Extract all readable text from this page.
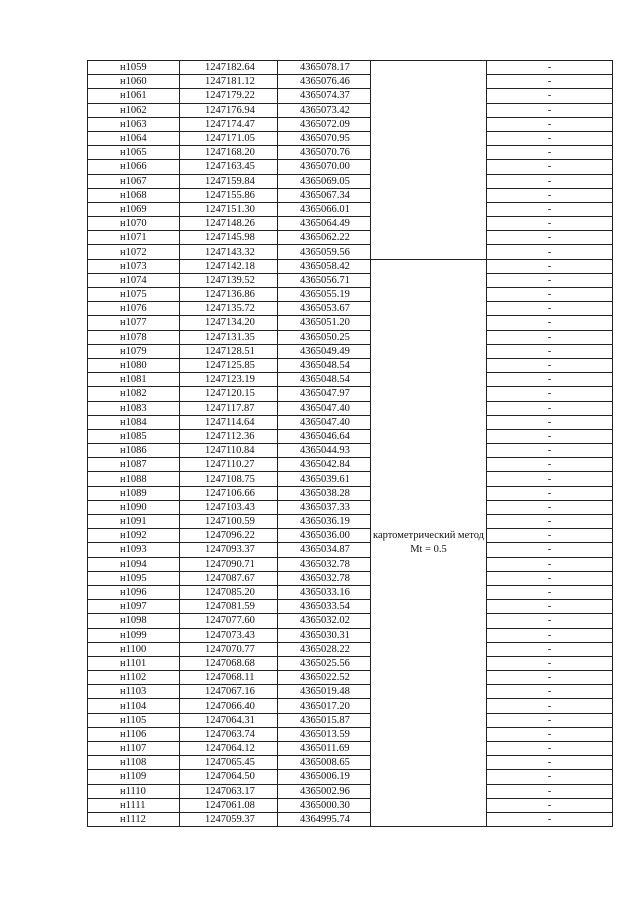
н1059	1247182.64	4365078.17		-
н1060	1247181.12	4365076.46		-
н1061	1247179.22	4365074.37		-
н1062	1247176.94	4365073.42		-
н1063	1247174.47	4365072.09		-
н1064	1247171.05	4365070.95		-
н1065	1247168.20	4365070.76		-
н1066	1247163.45	4365070.00		-
н1067	1247159.84	4365069.05		-
н1068	1247155.86	4365067.34		-
н1069	1247151.30	4365066.01		-
н1070	1247148.26	4365064.49		-
н1071	1247145.98	4365062.22		-
н1072	1247143.32	4365059.56		-
н1073	1247142.18	4365058.42	картометрический метод Mt = 0.5	-
н1074	1247139.52	4365056.71		-
н1075	1247136.86	4365055.19		-
н1076	1247135.72	4365053.67		-
н1077	1247134.20	4365051.20		-
н1078	1247131.35	4365050.25		-
н1079	1247128.51	4365049.49		-
н1080	1247125.85	4365048.54		-
н1081	1247123.19	4365048.54		-
н1082	1247120.15	4365047.97		-
н1083	1247117.87	4365047.40		-
н1084	1247114.64	4365047.40		-
н1085	1247112.36	4365046.64		-
н1086	1247110.84	4365044.93		-
н1087	1247110.27	4365042.84		-
н1088	1247108.75	4365039.61		-
н1089	1247106.66	4365038.28		-
н1090	1247103.43	4365037.33		-
н1091	1247100.59	4365036.19		-
н1092	1247096.22	4365036.00		-
н1093	1247093.37	4365034.87		-
н1094	1247090.71	4365032.78		-
н1095	1247087.67	4365032.78		-
н1096	1247085.20	4365033.16		-
н1097	1247081.59	4365033.54		-
н1098	1247077.60	4365032.02		-
н1099	1247073.43	4365030.31		-
н1100	1247070.77	4365028.22		-
н1101	1247068.68	4365025.56		-
н1102	1247068.11	4365022.52		-
н1103	1247067.16	4365019.48		-
н1104	1247066.40	4365017.20		-
н1105	1247064.31	4365015.87		-
н1106	1247063.74	4365013.59		-
н1107	1247064.12	4365011.69		-
н1108	1247065.45	4365008.65		-
н1109	1247064.50	4365006.19		-
н1110	1247063.17	4365002.96		-
н1111	1247061.08	4365000.30		-
н1112	1247059.37	4364995.74		-
